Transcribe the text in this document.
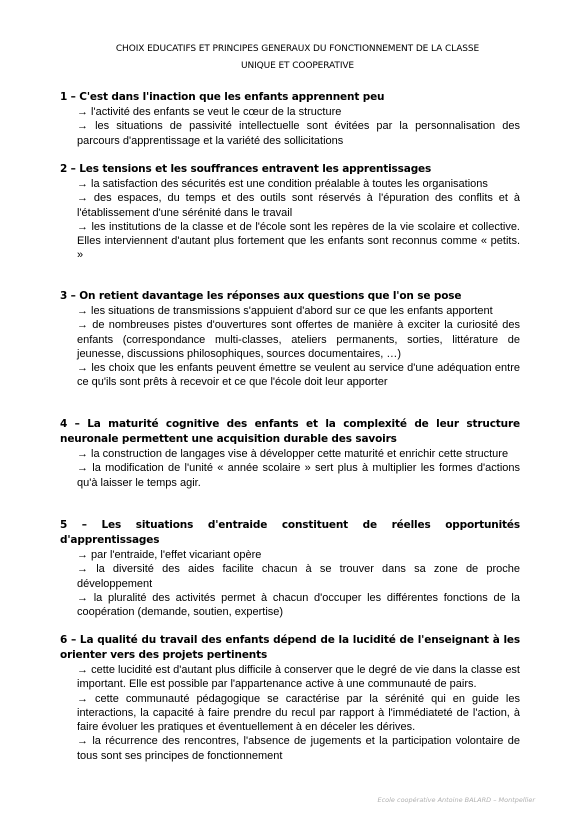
CHOIX EDUCATIFS ET PRINCIPES GENERAUX DU FONCTIONNEMENT DE LA CLASSE
UNIQUE ET COOPERATIVE
1 – C'est dans l'inaction que les enfants apprennent peu
→ l'activité des enfants se veut le cœur de la structure
→ les situations de passivité intellectuelle sont évitées par la personnalisation des parcours d'apprentissage et la variété des sollicitations
2 – Les tensions et les souffrances entravent les apprentissages
→ la satisfaction des sécurités est une condition préalable à toutes les organisations
→ des espaces, du temps et des outils sont réservés à l'épuration des conflits et à l'établissement d'une sérénité dans le travail
→ les institutions de la classe et de l'école sont les repères de la vie scolaire et collective. Elles interviennent d'autant plus fortement que les enfants sont reconnus comme « petits. »
3 – On retient davantage les réponses aux questions que l'on se pose
→ les situations de transmissions s'appuient d'abord sur ce que les enfants apportent
→ de nombreuses pistes d'ouvertures sont offertes de manière à exciter la curiosité des enfants (correspondance multi-classes, ateliers permanents, sorties, littérature de jeunesse, discussions philosophiques, sources documentaires, …)
→ les choix que les enfants peuvent émettre se veulent au service d'une adéquation entre ce qu'ils sont prêts à recevoir et ce que l'école doit leur apporter
4 – La maturité cognitive des enfants et la complexité de leur structure neuronale permettent une acquisition durable des savoirs
→ la construction de langages vise à développer cette maturité et enrichir cette structure
→ la modification de l'unité « année scolaire » sert plus à multiplier les formes d'actions qu'à laisser le temps agir.
5 – Les situations d'entraide constituent de réelles opportunités d'apprentissages
→ par l'entraide, l'effet vicariant opère
→ la diversité des aides facilite chacun à se trouver dans sa zone de proche développement
→ la pluralité des activités permet à chacun d'occuper les différentes fonctions de la coopération (demande, soutien, expertise)
6 – La qualité du travail des enfants dépend de la lucidité de l'enseignant à les orienter vers des projets pertinents
→ cette lucidité est d'autant plus difficile à conserver que le degré de vie dans la classe est important. Elle est possible par l'appartenance active à une communauté de pairs.
→ cette communauté pédagogique se caractérise par la sérénité qui en guide les interactions, la capacité à faire prendre du recul par rapport à l'immédiateté de l'action, à faire évoluer les pratiques et éventuellement à en déceler les dérives.
→ la récurrence des rencontres, l'absence de jugements et la participation volontaire de tous sont ses principes de fonctionnement
Ecole coopérative Antoine BALARD – Montpellier
